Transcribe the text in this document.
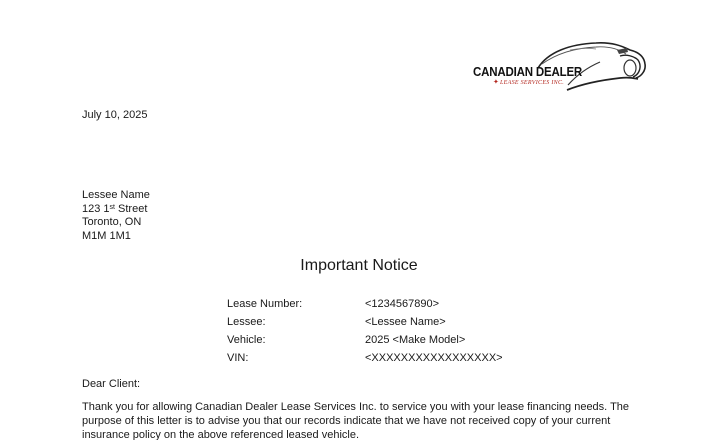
CANADIAN DEALER
✦ LEASE SERVICES INC.
July 10, 2025
Lessee Name
123 1st Street
Toronto, ON
M1M 1M1
Important Notice
Lease Number:	<1234567890>
Lessee:	<Lessee Name>
Vehicle:	2025 <Make Model>
VIN:	<XXXXXXXXXXXXXXXXX>
Dear Client:
Thank you for allowing Canadian Dealer Lease Services Inc. to service you with your lease financing needs. The purpose of this letter is to advise you that our records indicate that we have not received copy of your current insurance policy on the above referenced leased vehicle.
